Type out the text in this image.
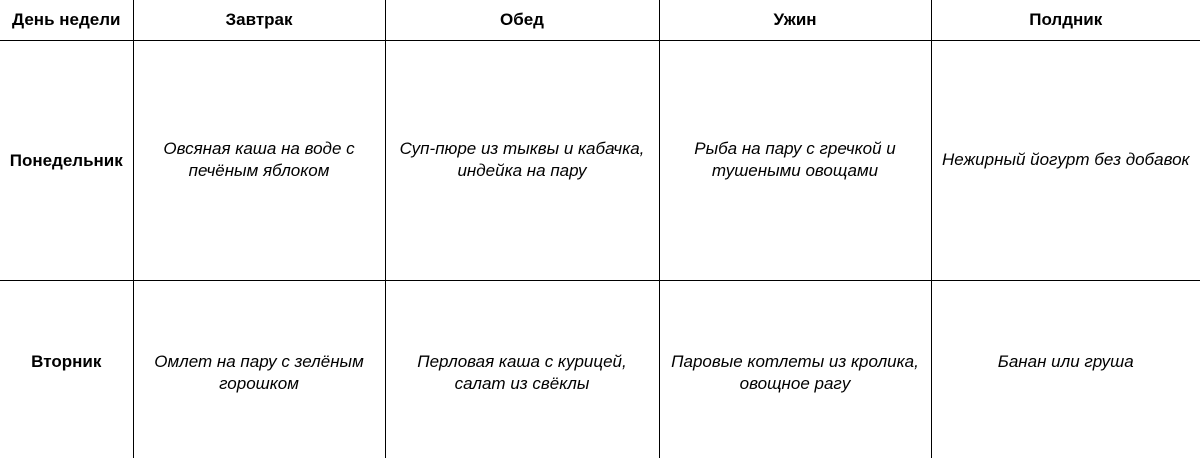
День недели	Завтрак	Обед	Ужин	Полдник
Понедельник	Овсяная каша на воде с печёным яблоком	Суп-пюре из тыквы и кабачка, индейка на пару	Рыба на пару с гречкой и тушеными овощами	Нежирный йогурт без добавок
Вторник	Омлет на пару с зелёным горошком	Перловая каша с курицей, салат из свёклы	Паровые котлеты из кролика, овощное рагу	Банан или груша
